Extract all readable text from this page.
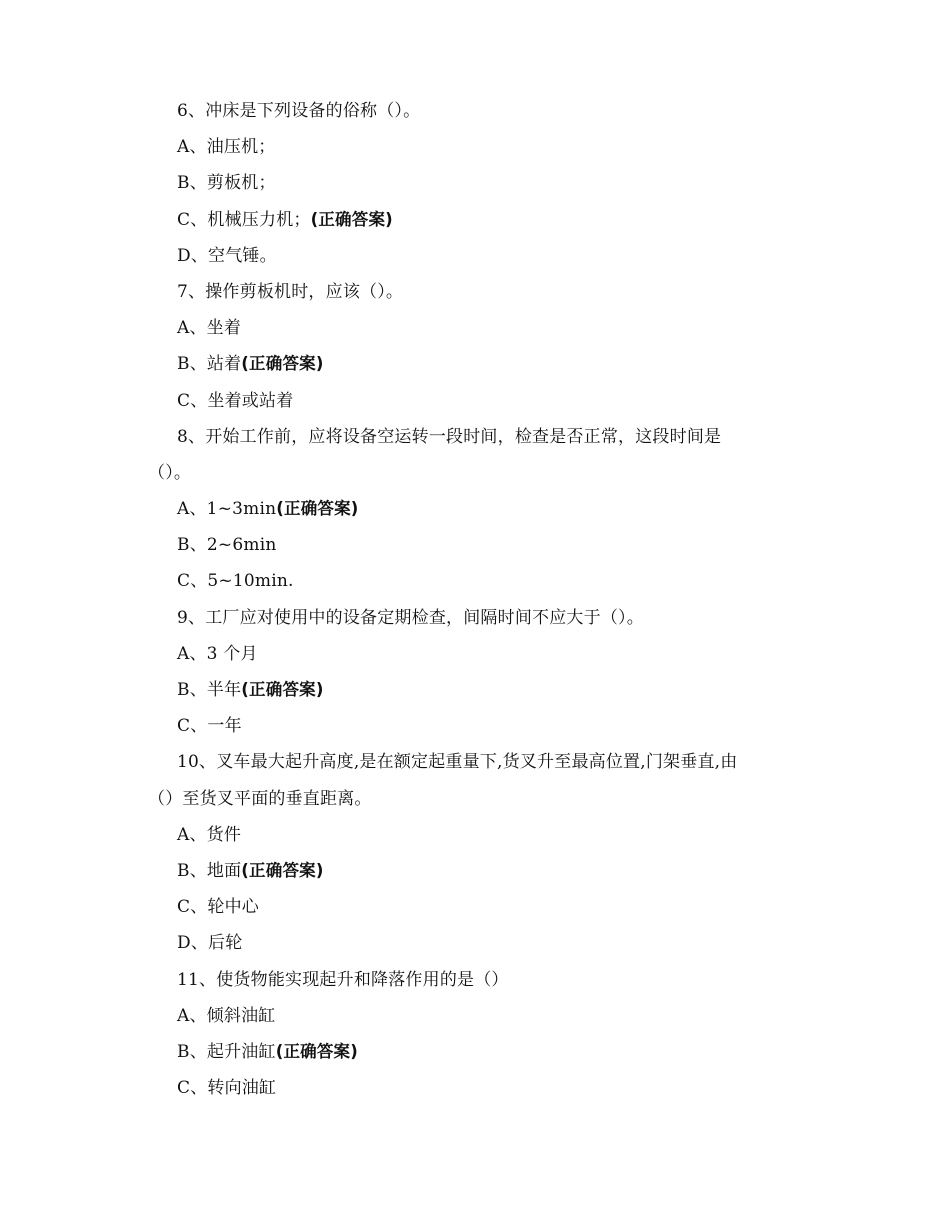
6、冲床是下列设备的俗称（）。
A、油压机；
B、剪板机；
C、机械压力机；(正确答案)
D、空气锤。
7、操作剪板机时，应该（）。
A、坐着
B、站着(正确答案)
C、坐着或站着
8、开始工作前，应将设备空运转一段时间，检查是否正常，这段时间是
（）。
A、1~3min(正确答案)
B、2~6min
C、5~10min.
9、工厂应对使用中的设备定期检查，间隔时间不应大于（）。
A、3 个月
B、半年(正确答案)
C、一年
10、叉车最大起升高度,是在额定起重量下,货叉升至最高位置,门架垂直,由
（）至货叉平面的垂直距离。
A、货件
B、地面(正确答案)
C、轮中心
D、后轮
11、使货物能实现起升和降落作用的是（）
A、倾斜油缸
B、起升油缸(正确答案)
C、转向油缸
